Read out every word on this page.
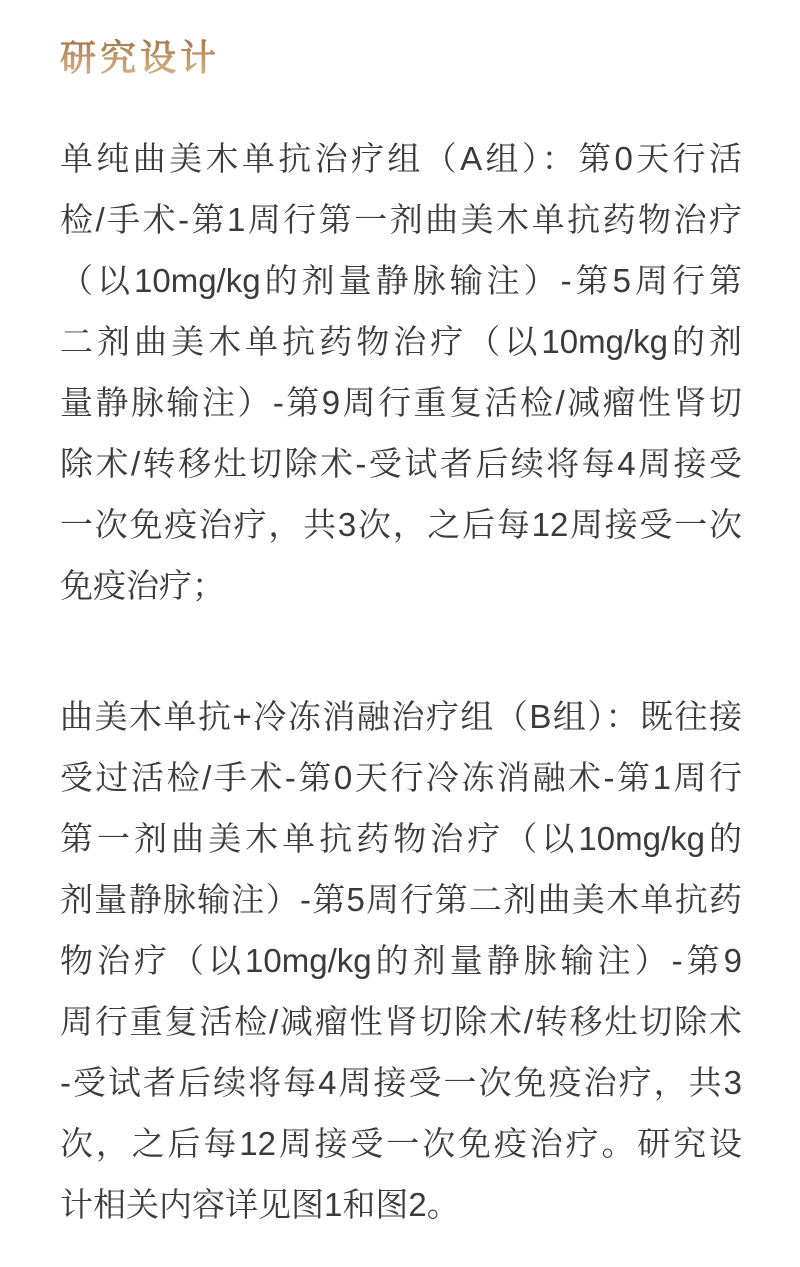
研究设计
单纯曲美木单抗治疗组（A组）：第0天行活
检/手术-第1周行第一剂曲美木单抗药物治疗
（以10mg/kg的剂量静脉输注）-第5周行第
二剂曲美木单抗药物治疗（以10mg/kg的剂
量静脉输注）-第9周行重复活检/减瘤性肾切
除术/转移灶切除术-受试者后续将每4周接受
一次免疫治疗，共3次，之后每12周接受一次
免疫治疗；
曲美木单抗+冷冻消融治疗组（B组）：既往接
受过活检/手术-第0天行冷冻消融术-第1周行
第一剂曲美木单抗药物治疗（以10mg/kg的
剂量静脉输注）-第5周行第二剂曲美木单抗药
物治疗（以10mg/kg的剂量静脉输注）-第9
周行重复活检/减瘤性肾切除术/转移灶切除术
-受试者后续将每4周接受一次免疫治疗，共3
次，之后每12周接受一次免疫治疗。研究设
计相关内容详见图1和图2。
